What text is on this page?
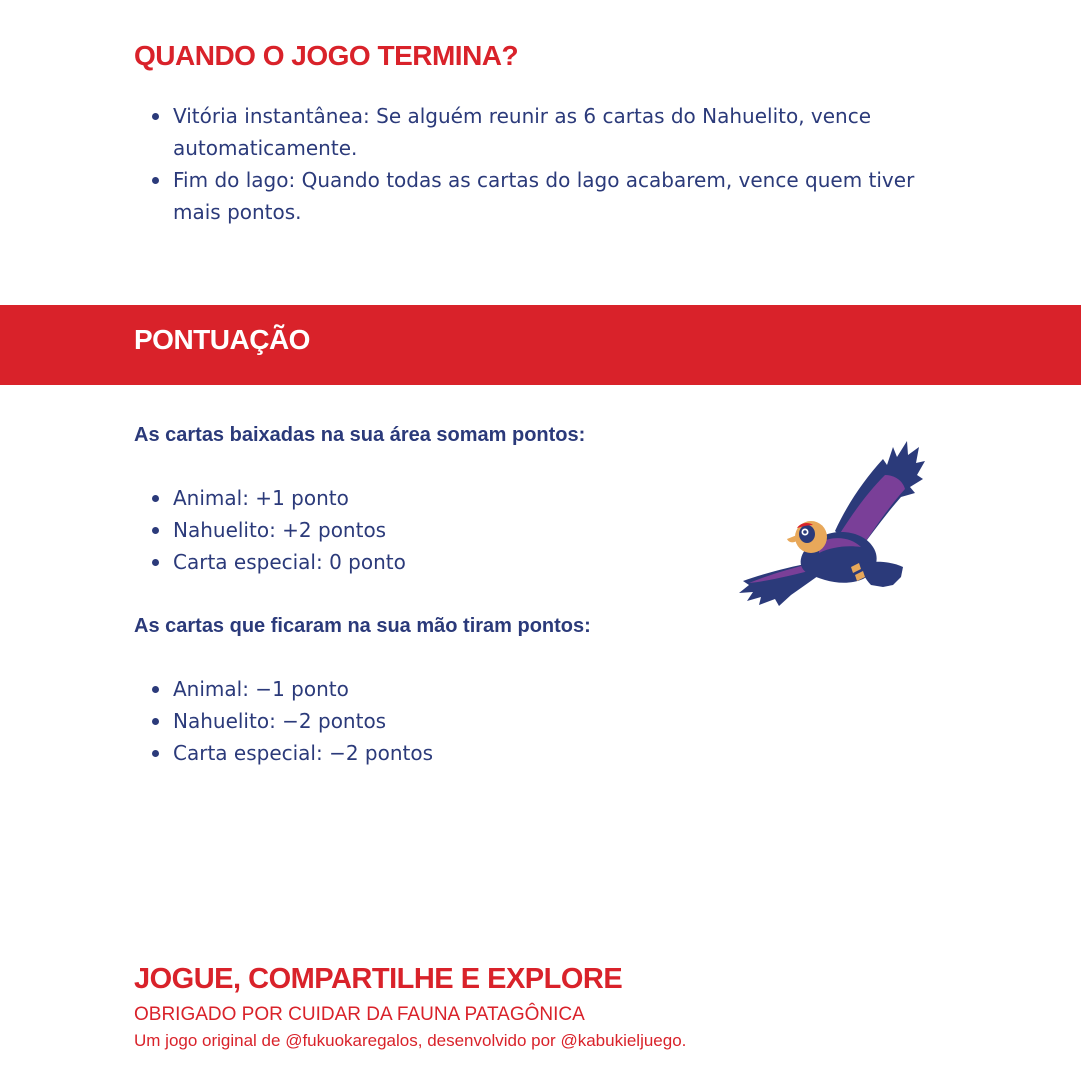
QUANDO O JOGO TERMINA?
Vitória instantânea: Se alguém reunir as 6 cartas do Nahuelito, vence automaticamente.
Fim do lago: Quando todas as cartas do lago acabarem, vence quem tiver mais pontos.
PONTUAÇÃO

As cartas baixadas na sua área somam pontos:

Animal: +1 ponto
Nahuelito: +2 pontos
Carta especial: 0 ponto

As cartas que ficaram na sua mão tiram pontos:

Animal: −1 ponto
Nahuelito: −2 pontos
Carta especial: −2 pontos
JOGUE, COMPARTILHE E EXPLORE

OBRIGADO POR CUIDAR DA FAUNA PATAGÔNICA

Um jogo original de @fukuokaregalos, desenvolvido por @kabukieljuego.
